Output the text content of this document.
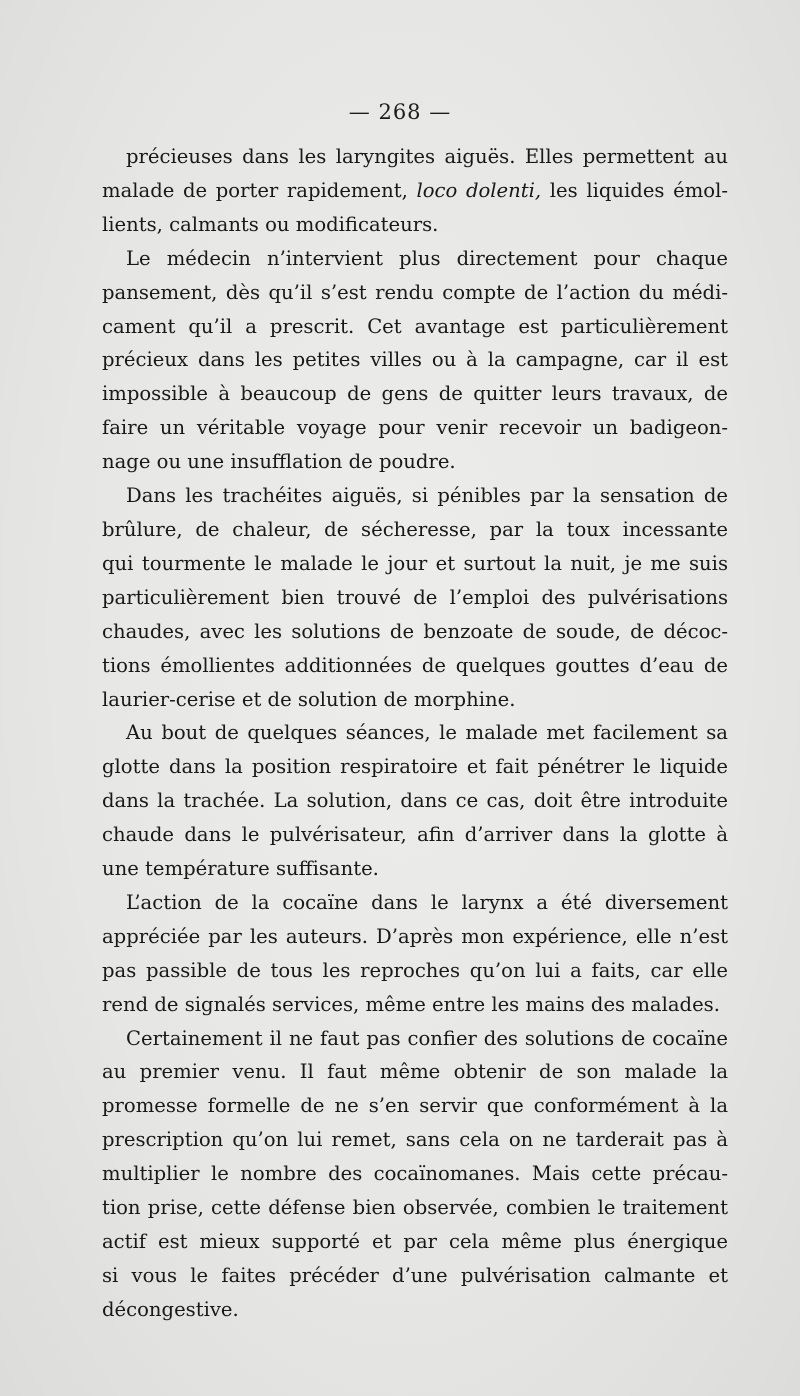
— 268 —
précieuses dans les laryngites aiguës. Elles permettent au
malade de porter rapidement, loco dolenti, les liquides émol-
lients, calmants ou modificateurs.
Le médecin n’intervient plus directement pour chaque
pansement, dès qu’il s’est rendu compte de l’action du médi-
cament qu’il a prescrit. Cet avantage est particulièrement
précieux dans les petites villes ou à la campagne, car il est
impossible à beaucoup de gens de quitter leurs travaux, de
faire un véritable voyage pour venir recevoir un badigeon-
nage ou une insufflation de poudre.
Dans les trachéites aiguës, si pénibles par la sensation de
brûlure, de chaleur, de sécheresse, par la toux incessante
qui tourmente le malade le jour et surtout la nuit, je me suis
particulièrement bien trouvé de l’emploi des pulvérisations
chaudes, avec les solutions de benzoate de soude, de décoc-
tions émollientes additionnées de quelques gouttes d’eau de
laurier-cerise et de solution de morphine.
Au bout de quelques séances, le malade met facilement sa
glotte dans la position respiratoire et fait pénétrer le liquide
dans la trachée. La solution, dans ce cas, doit être introduite
chaude dans le pulvérisateur, afin d’arriver dans la glotte à
une température suffisante.
L’action de la cocaïne dans le larynx a été diversement
appréciée par les auteurs. D’après mon expérience, elle n’est
pas passible de tous les reproches qu’on lui a faits, car elle
rend de signalés services, même entre les mains des malades.
Certainement il ne faut pas confier des solutions de cocaïne
au premier venu. Il faut même obtenir de son malade la
promesse formelle de ne s’en servir que conformément à la
prescription qu’on lui remet, sans cela on ne tarderait pas à
multiplier le nombre des cocaïnomanes. Mais cette précau-
tion prise, cette défense bien observée, combien le traitement
actif est mieux supporté et par cela même plus énergique
si vous le faites précéder d’une pulvérisation calmante et
décongestive.
